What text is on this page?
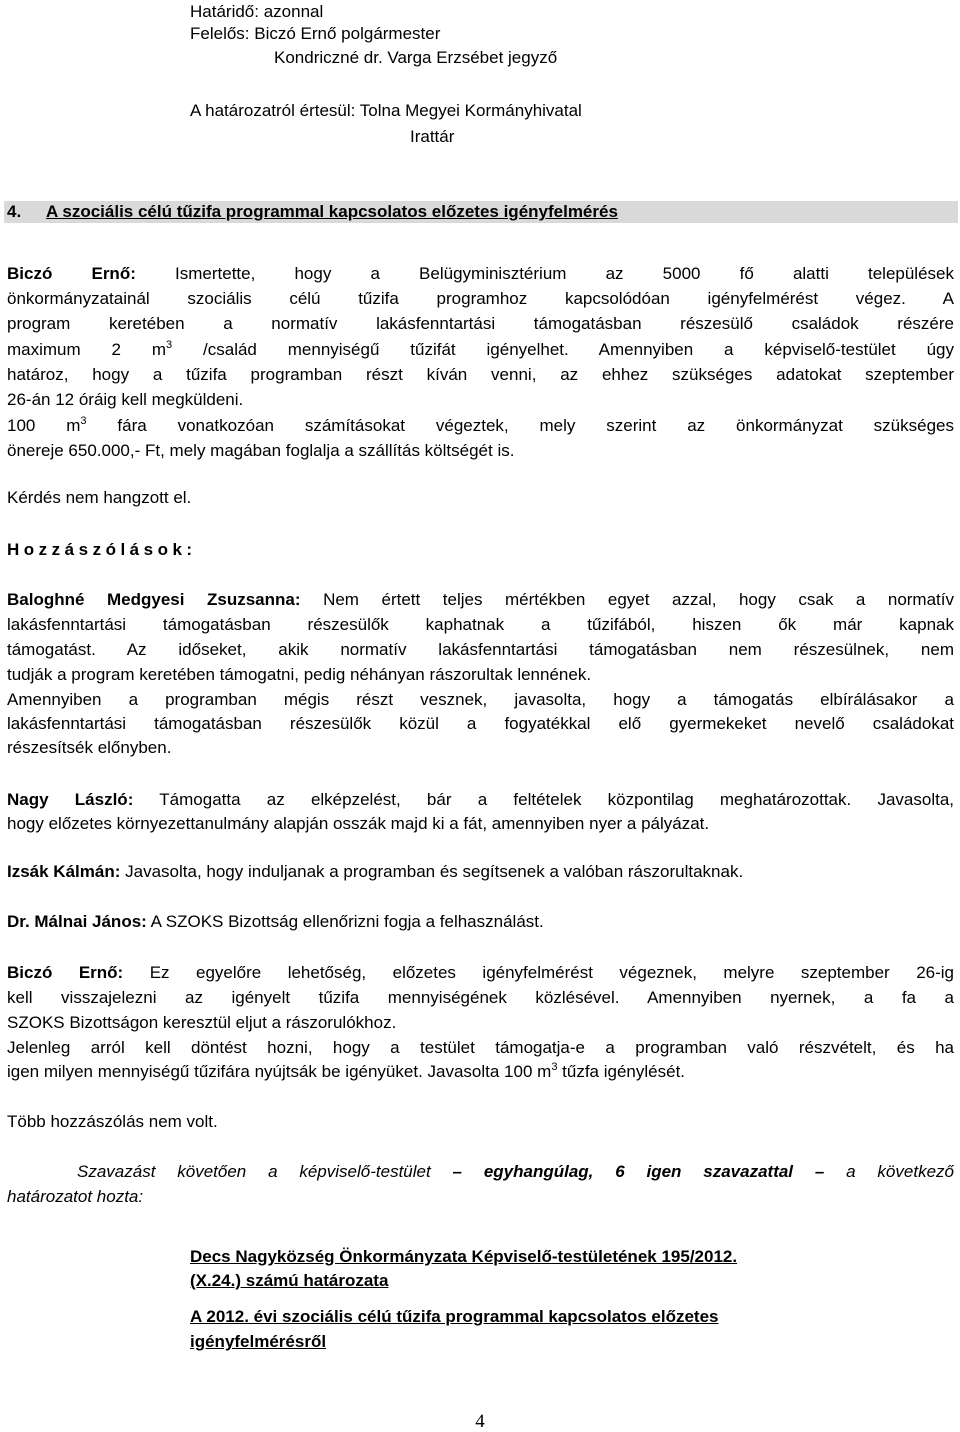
Határidő: azonnal
Felelős: Biczó Ernő polgármester
Kondriczné dr. Varga Erzsébet jegyző
A határozatról értesül: Tolna Megyei Kormányhivatal
Irattár
4. A szociális célú tűzifa programmal kapcsolatos előzetes igényfelmérés
Biczó Ernő: Ismertette, hogy a Belügyminisztérium az 5000 fő alatti települések
önkormányzatainál szociális célú tűzifa programhoz kapcsolódóan igényfelmérést végez. A
program keretében a normatív lakásfenntartási támogatásban részesülő családok részére
maximum 2 $m^3$ /család mennyiségű tűzifát igényelhet. Amennyiben a képviselő-testület úgy
határoz, hogy a tűzifa programban részt kíván venni, az ehhez szükséges adatokat szeptember
26-án 12 óráig kell megküldeni.
100 $m^3$ fára vonatkozóan számításokat végeztek, mely szerint az önkormányzat szükséges
önereje 650.000,- Ft, mely magában foglalja a szállítás költségét is.
Kérdés nem hangzott el.
Hozzászólások:
Baloghné Medgyesi Zsuzsanna: Nem értett teljes mértékben egyet azzal, hogy csak a normatív
lakásfenntartási támogatásban részesülők kaphatnak a tűzifából, hiszen ők már kapnak
támogatást. Az időseket, akik normatív lakásfenntartási támogatásban nem részesülnek, nem
tudják a program keretében támogatni, pedig néhányan rászorultak lennének.
Amennyiben a programban mégis részt vesznek, javasolta, hogy a támogatás elbírálásakor a
lakásfenntartási támogatásban részesülők közül a fogyatékkal elő gyermekeket nevelő családokat
részesítsék előnyben.
Nagy László: Támogatta az elképzelést, bár a feltételek központilag meghatározottak. Javasolta,
hogy előzetes környezettanulmány alapján osszák majd ki a fát, amennyiben nyer a pályázat.
Izsák Kálmán: Javasolta, hogy induljanak a programban és segítsenek a valóban rászorultaknak.
Dr. Málnai János: A SZOKS Bizottság ellenőrizni fogja a felhasználást.
Biczó Ernő: Ez egyelőre lehetőség, előzetes igényfelmérést végeznek, melyre szeptember 26-ig
kell visszajelezni az igényelt tűzifa mennyiségének közlésével. Amennyiben nyernek, a fa a
SZOKS Bizottságon keresztül eljut a rászorulókhoz.
Jelenleg arról kell döntést hozni, hogy a testület támogatja-e a programban való részvételt, és ha
igen milyen mennyiségű tűzifára nyújtsák be igényüket. Javasolta 100 $m^3$ tűzfa igénylését.
Több hozzászólás nem volt.
Szavazást követően a képviselő-testület – egyhangúlag, 6 igen szavazattal – a következő
határozatot hozta:
Decs Nagyközség Önkormányzata Képviselő-testületének 195/2012.
(X.24.) számú határozata
A 2012. évi szociális célú tűzifa programmal kapcsolatos előzetes
igényfelmérésről
4
